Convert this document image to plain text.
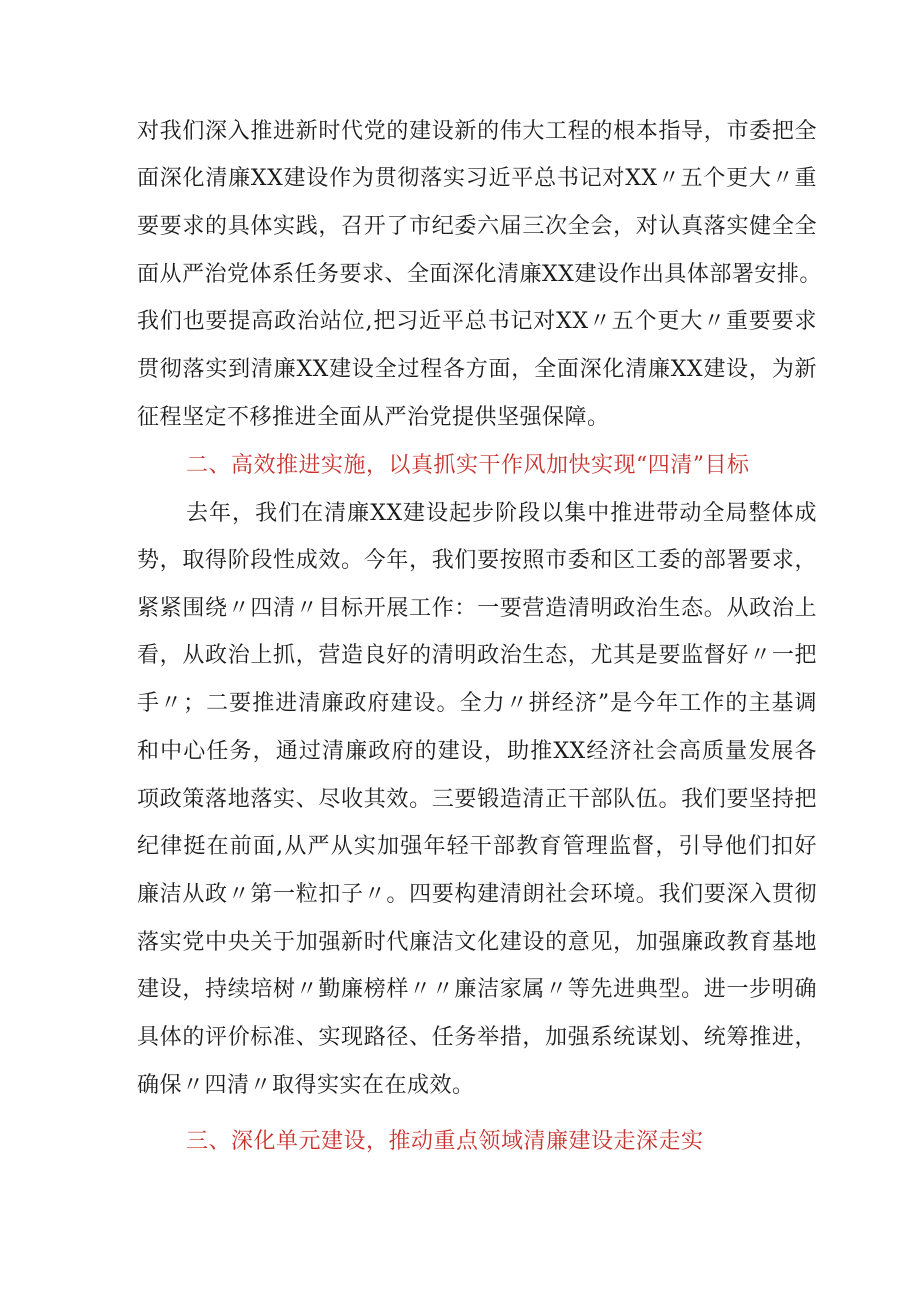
对我们深入推进新时代党的建设新的伟大工程的根本指导，市委把全
面深化清廉XX建设作为贯彻落实习近平总书记对XX〃五个更大〃重
要要求的具体实践，召开了市纪委六届三次全会，对认真落实健全全
面从严治党体系任务要求、全面深化清廉XX建设作出具体部署安排。
我们也要提高政治站位,把习近平总书记对XX〃五个更大〃重要要求
贯彻落实到清廉XX建设全过程各方面，全面深化清廉XX建设，为新
征程坚定不移推进全面从严治党提供坚强保障。
二、高效推进实施，以真抓实干作风加快实现“四清”目标
去年，我们在清廉XX建设起步阶段以集中推进带动全局整体成
势，取得阶段性成效。今年，我们要按照市委和区工委的部署要求，
紧紧围绕〃四清〃目标开展工作：一要营造清明政治生态。从政治上
看，从政治上抓，营造良好的清明政治生态，尤其是要监督好〃一把
手〃；二要推进清廉政府建设。全力〃拼经济”是今年工作的主基调
和中心任务，通过清廉政府的建设，助推XX经济社会高质量发展各
项政策落地落实、尽收其效。三要锻造清正干部队伍。我们要坚持把
纪律挺在前面,从严从实加强年轻干部教育管理监督，引导他们扣好
廉洁从政〃第一粒扣子〃。四要构建清朗社会环境。我们要深入贯彻
落实党中央关于加强新时代廉洁文化建设的意见，加强廉政教育基地
建设，持续培树〃勤廉榜样〃〃廉洁家属〃等先进典型。进一步明确
具体的评价标准、实现路径、任务举措，加强系统谋划、统筹推进，
确保〃四清〃取得实实在在成效。
三、深化单元建设，推动重点领域清廉建设走深走实
